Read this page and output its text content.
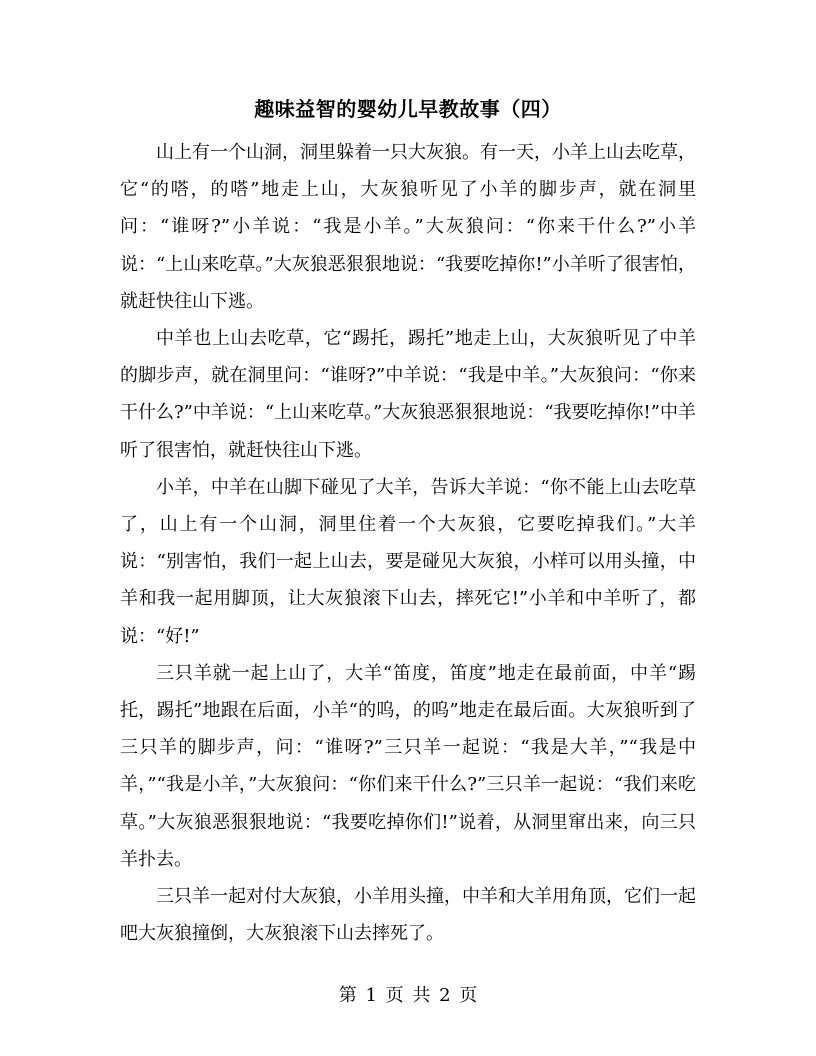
趣味益智的婴幼儿早教故事（四）

山上有一个山洞，洞里躲着一只大灰狼。有一天，小羊上山去吃草，它“的嗒，的嗒”地走上山，大灰狼听见了小羊的脚步声，就在洞里问：“谁呀?”小羊说：“我是小羊。”大灰狼问：“你来干什么?”小羊说：“上山来吃草。”大灰狼恶狠狠地说：“我要吃掉你!”小羊听了很害怕，就赶快往山下逃。

中羊也上山去吃草，它“踢托，踢托”地走上山，大灰狼听见了中羊的脚步声，就在洞里问：“谁呀?”中羊说：“我是中羊。”大灰狼问：“你来干什么?”中羊说：“上山来吃草。”大灰狼恶狠狠地说：“我要吃掉你!”中羊听了很害怕，就赶快往山下逃。

小羊，中羊在山脚下碰见了大羊，告诉大羊说：“你不能上山去吃草了，山上有一个山洞，洞里住着一个大灰狼，它要吃掉我们。”大羊说：“别害怕，我们一起上山去，要是碰见大灰狼，小样可以用头撞，中羊和我一起用脚顶，让大灰狼滚下山去，摔死它!”小羊和中羊听了，都说：“好!”

三只羊就一起上山了，大羊“笛度，笛度”地走在最前面，中羊“踢托，踢托”地跟在后面，小羊“的呜，的呜”地走在最后面。大灰狼听到了三只羊的脚步声，问：“谁呀?”三只羊一起说：“我是大羊，”“我是中羊，”“我是小羊，”大灰狼问：“你们来干什么?”三只羊一起说：“我们来吃草。”大灰狼恶狠狠地说：“我要吃掉你们!”说着，从洞里窜出来，向三只羊扑去。

三只羊一起对付大灰狼，小羊用头撞，中羊和大羊用角顶，它们一起吧大灰狼撞倒，大灰狼滚下山去摔死了。

第 1 页 共 2 页
